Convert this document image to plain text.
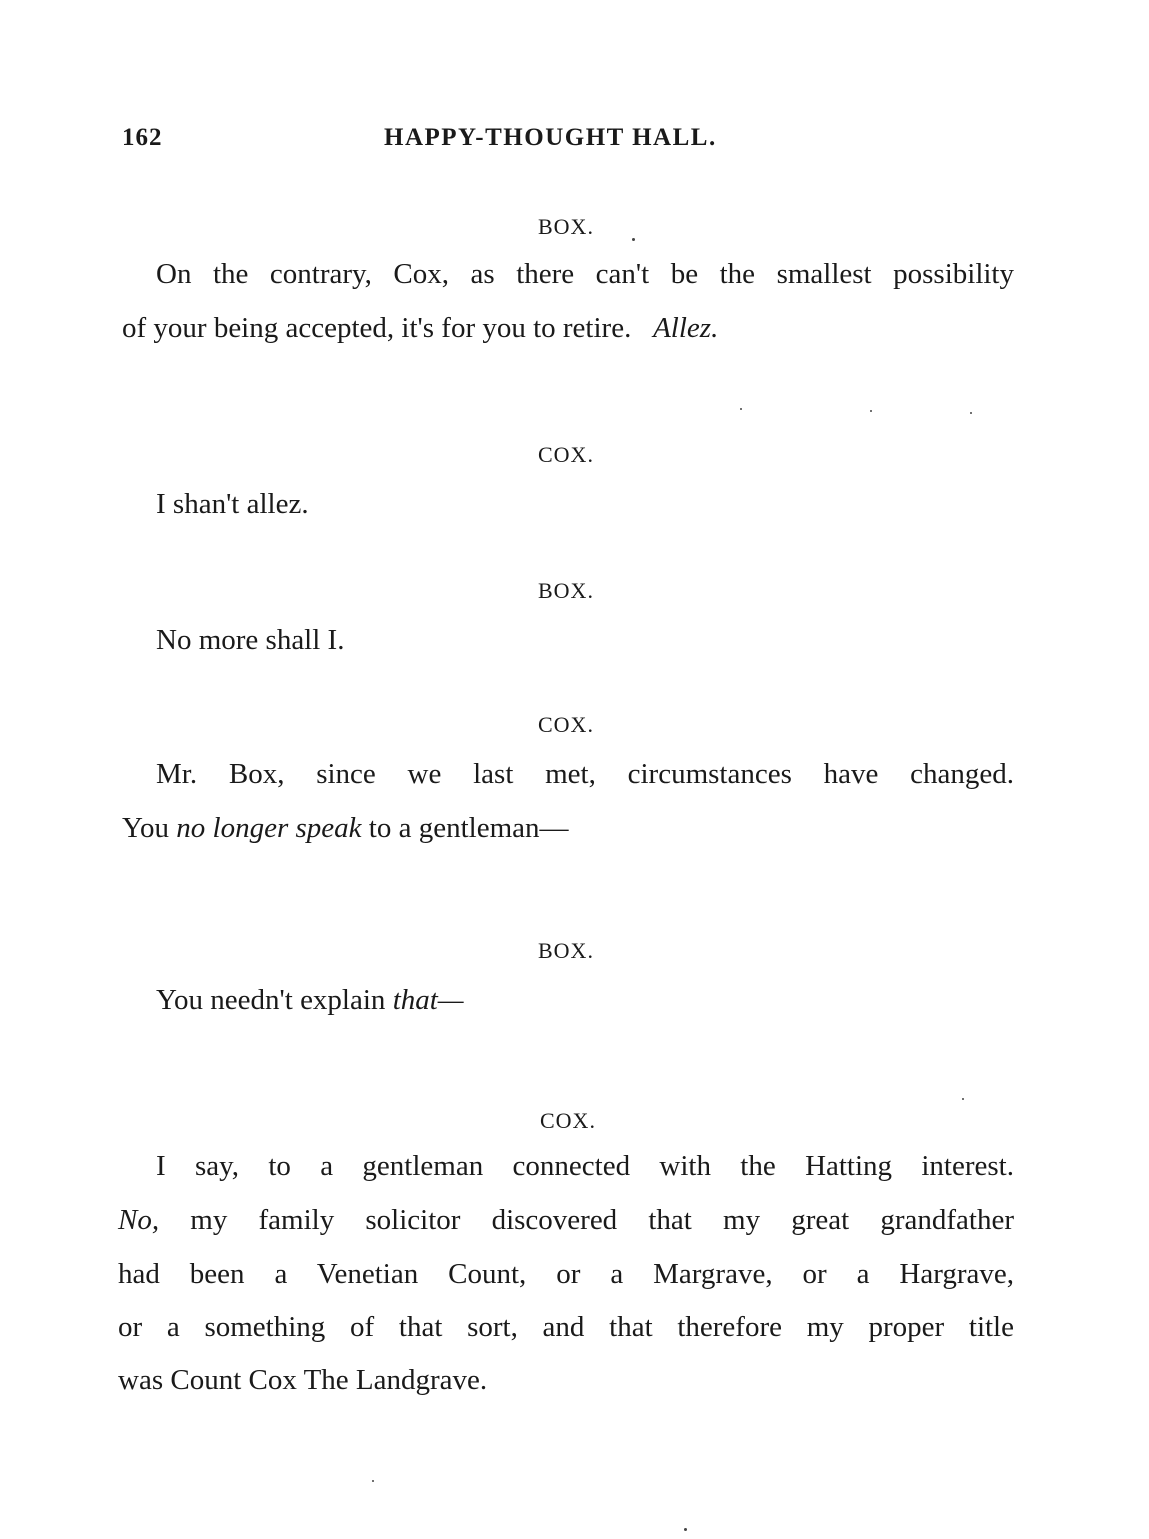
162	HAPPY-THOUGHT HALL.
BOX.
On the contrary, Cox, as there can't be the smallest possibility
of your being accepted, it's for you to retire. Allez.
COX.
I shan't allez.
BOX.
No more shall I.
COX.
Mr. Box, since we last met, circumstances have changed.
You no longer speak to a gentleman—
BOX.
You needn't explain that—
COX.
I say, to a gentleman connected with the Hatting interest.
No, my family solicitor discovered that my great grandfather
had been a Venetian Count, or a Margrave, or a Hargrave,
or a something of that sort, and that therefore my proper title
was Count Cox The Landgrave.
